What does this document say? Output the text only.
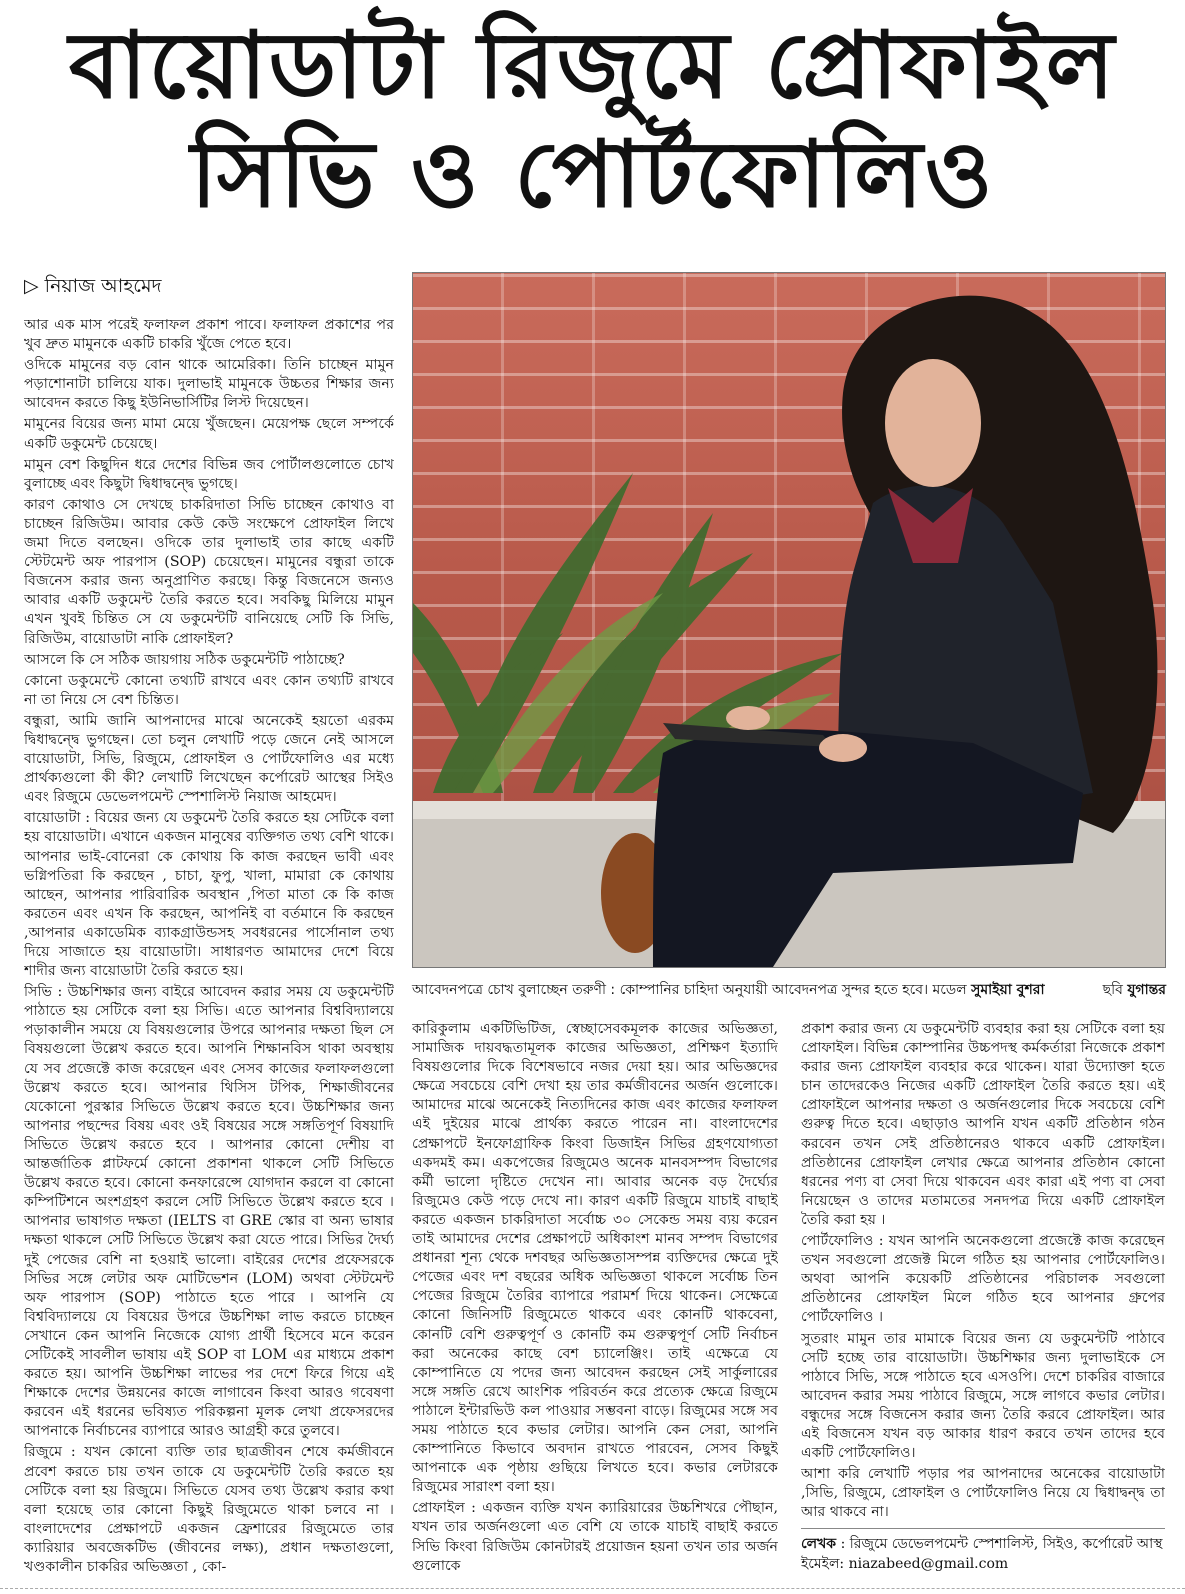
বায়োডাটা রিজুমে প্রোফাইল
সিভি ও পোর্টফোলিও
▷ নিয়াজ আহমেদ

আর এক মাস পরেই ফলাফল প্রকাশ পাবে। ফলাফল প্রকাশের পর খুব দ্রুত মামুনকে একটি চাকরি খুঁজে পেতে হবে।

ওদিকে মামুনের বড় বোন থাকে আমেরিকা। তিনি চাচ্ছেন মামুন পড়াশোনাটা চালিয়ে যাক। দুলাভাই মামুনকে উচ্চতর শিক্ষার জন্য আবেদন করতে কিছু ইউনিভার্সিটির লিস্ট দিয়েছেন।

মামুনের বিয়ের জন্য মামা মেয়ে খুঁজছেন। মেয়েপক্ষ ছেলে সম্পর্কে একটি ডকুমেন্ট চেয়েছে।

মামুন বেশ কিছুদিন ধরে দেশের বিভিন্ন জব পোর্টালগুলোতে চোখ বুলাচ্ছে এবং কিছুটা দ্বিধাদ্বন্দ্বে ভুগছে।

কারণ কোথাও সে দেখছে চাকরিদাতা সিভি চাচ্ছেন কোথাও বা চাচ্ছেন রিজিউম। আবার কেউ কেউ সংক্ষেপে প্রোফাইল লিখে জমা দিতে বলছেন। ওদিকে তার দুলাভাই তার কাছে একটি স্টেটমেন্ট অফ পারপাস (SOP) চেয়েছেন। মামুনের বন্ধুরা তাকে বিজনেস করার জন্য অনুপ্রাণিত করছে। কিন্তু বিজনেসে জন্যও আবার একটি ডকুমেন্ট তৈরি করতে হবে। সবকিছু মিলিয়ে মামুন এখন খুবই চিন্তিত সে যে ডকুমেন্টটি বানিয়েছে সেটি কি সিভি, রিজিউম, বায়োডাটা নাকি প্রোফাইল?

আসলে কি সে সঠিক জায়গায় সঠিক ডকুমেন্টটি পাঠাচ্ছে?

কোনো ডকুমেন্টে কোনো তথ্যটি রাখবে এবং কোন তথ্যটি রাখবে না তা নিয়ে সে বেশ চিন্তিত।

বন্ধুরা, আমি জানি আপনাদের মাঝে অনেকেই হয়তো এরকম দ্বিধাদ্বন্দ্বে ভুগছেন। তো চলুন লেখাটি পড়ে জেনে নেই আসলে বায়োডাটা, সিভি, রিজুমে, প্রোফাইল ও পোর্টফোলিও এর মধ্যে প্রার্থক্যগুলো কী কী? লেখাটি লিখেছেন কর্পোরেট আস্থের সিইও এবং রিজুমে ডেভেলপমেন্ট স্পেশালিস্ট নিয়াজ আহমেদ।

বায়োডাটা : বিয়ের জন্য যে ডকুমেন্ট তৈরি করতে হয় সেটিকে বলা হয় বায়োডাটা। এখানে একজন মানুষের ব্যক্তিগত তথ্য বেশি থাকে। আপনার ভাই-বোনেরা কে কোথায় কি কাজ করছেন ভাবী এবং ভগ্নিপতিরা কি করছেন , চাচা, ফুপু, খালা, মামারা কে কোথায় আছেন, আপনার পারিবারিক অবস্থান ,পিতা মাতা কে কি কাজ করতেন এবং এখন কি করছেন, আপনিই বা বর্তমানে কি করছেন ,আপনার একাডেমিক ব্যাকগ্রাউন্ডসহ সবধরনের পার্সোনাল তথ্য দিয়ে সাজাতে হয় বায়োডাটা। সাধারণত আমাদের দেশে বিয়ে শাদীর জন্য বায়োডাটা তৈরি করতে হয়।

সিভি : উচ্চশিক্ষার জন্য বাইরে আবেদন করার সময় যে ডকুমেন্টটি পাঠাতে হয় সেটিকে বলা হয় সিভি। এতে আপনার বিশ্ববিদ্যালয়ে পড়াকালীন সময়ে যে বিষয়গুলোর উপরে আপনার দক্ষতা ছিল সে বিষয়গুলো উল্লেখ করতে হবে। আপনি শিক্ষানবিস থাকা অবস্থায় যে সব প্রজেক্টে কাজ করেছেন এবং সেসব কাজের ফলাফলগুলো উল্লেখ করতে হবে। আপনার থিসিস টপিক, শিক্ষাজীবনের যেকোনো পুরস্কার সিভিতে উল্লেখ করতে হবে। উচ্চশিক্ষার জন্য আপনার পছন্দের বিষয় এবং ওই বিষয়ের সঙ্গে সঙ্গতিপূর্ণ বিষয়াদি সিভিতে উল্লেখ করতে হবে । আপনার কোনো দেশীয় বা আন্তর্জাতিক প্লাটফর্মে কোনো প্রকাশনা থাকলে সেটি সিভিতে উল্লেখ করতে হবে। কোনো কনফারেন্সে যোগদান করলে বা কোনো কম্পিটিশনে অংশগ্রহণ করলে সেটি সিভিতে উল্লেখ করতে হবে । আপনার ভাষাগত দক্ষতা (IELTS বা GRE স্কোর বা অন্য ভাষার দক্ষতা থাকলে সেটি সিভিতে উল্লেখ করা যেতে পারে। সিভির দৈর্ঘ্য দুই পেজের বেশি না হওয়াই ভালো। বাইরের দেশের প্রফেসরকে সিভির সঙ্গে লেটার অফ মোটিভেশন (LOM) অথবা স্টেটমেন্ট অফ পারপাস (SOP) পাঠাতে হতে পারে । আপনি যে বিশ্ববিদ্যালয়ে যে বিষয়ের উপরে উচ্চশিক্ষা লাভ করতে চাচ্ছেন সেখানে কেন আপনি নিজেকে যোগ্য প্রার্থী হিসেবে মনে করেন সেটিকেই সাবলীল ভাষায় এই SOP বা LOM এর মাধ্যমে প্রকাশ করতে হয়। আপনি উচ্চশিক্ষা লাভের পর দেশে ফিরে গিয়ে এই শিক্ষাকে দেশের উন্নয়নের কাজে লাগাবেন কিংবা আরও গবেষণা করবেন এই ধরনের ভবিষ্যত পরিকল্পনা মূলক লেখা প্রফেসরদের আপনাকে নির্বাচনের ব্যাপারে আরও আগ্রহী করে তুলবে।

রিজুমে : যখন কোনো ব্যক্তি তার ছাত্রজীবন শেষে কর্মজীবনে প্রবেশ করতে চায় তখন তাকে যে ডকুমেন্টটি তৈরি করতে হয় সেটিকে বলা হয় রিজুমে। সিভিতে যেসব তথ্য উল্লেখ করার কথা বলা হয়েছে তার কোনো কিছুই রিজুমেতে থাকা চলবে না । বাংলাদেশের প্রেক্ষাপটে একজন ফ্রেশারের রিজুমেতে তার ক্যারিয়ার অবজেকটিভ (জীবনের লক্ষ্য), প্রধান দক্ষতাগুলো, খণ্ডকালীন চাকরির অভিজ্ঞতা , কো-

আবেদনপত্রে চোখ বুলাচ্ছেন তরুণী : কোম্পানির চাহিদা অনুযায়ী আবেদনপত্র সুন্দর হতে হবে। মডেল সুমাইয়া বুশরা	ছবি যুগান্তর

কারিকুলাম একটিভিটিজ, স্বেচ্ছাসেবকমূলক কাজের অভিজ্ঞতা, সামাজিক দায়বদ্ধতামূলক কাজের অভিজ্ঞতা, প্রশিক্ষণ ইত্যাদি বিষয়গুলোর দিকে বিশেষভাবে নজর দেয়া হয়। আর অভিজ্ঞদের ক্ষেত্রে সবচেয়ে বেশি দেখা হয় তার কর্মজীবনের অর্জন গুলোকে। আমাদের মাঝে অনেকেই নিত্যদিনের কাজ এবং কাজের ফলাফল এই দুইয়ের মাঝে প্রার্থক্য করতে পারেন না। বাংলাদেশের প্রেক্ষাপটে ইনফোগ্রাফিক কিংবা ডিজাইন সিভির গ্রহণযোগ্যতা একদমই কম। একপেজের রিজুমেও অনেক মানবসম্পদ বিভাগের কর্মী ভালো দৃষ্টিতে দেখেন না। আবার অনেক বড় দৈর্ঘ্যের রিজুমেও কেউ পড়ে দেখে না। কারণ একটি রিজুমে যাচাই বাছাই করতে একজন চাকরিদাতা সর্বোচ্চ ৩০ সেকেন্ড সময় ব্যয় করেন তাই আমাদের দেশের প্রেক্ষাপটে অধিকাংশ মানব সম্পদ বিভাগের প্রধানরা শূন্য থেকে দশবছর অভিজ্ঞতাসম্পন্ন ব্যক্তিদের ক্ষেত্রে দুই পেজের এবং দশ বছরের অধিক অভিজ্ঞতা থাকলে সর্বোচ্চ তিন পেজের রিজুমে তৈরির ব্যাপারে পরামর্শ দিয়ে থাকেন। সেক্ষেত্রে কোনো জিনিসটি রিজুমেতে থাকবে এবং কোনটি থাকবেনা, কোনটি বেশি গুরুত্বপূর্ণ ও কোনটি কম গুরুত্বপূর্ণ সেটি নির্বাচন করা অনেকের কাছে বেশ চ্যালেঞ্জিং। তাই এক্ষেত্রে যে কোম্পানিতে যে পদের জন্য আবেদন করছেন সেই সার্কুলারের সঙ্গে সঙ্গতি রেখে আংশিক পরিবর্তন করে প্রত্যেক ক্ষেত্রে রিজুমে পাঠালে ইন্টারভিউ কল পাওয়ার সম্ভবনা বাড়ে। রিজুমের সঙ্গে সব সময় পাঠাতে হবে কভার লেটার। আপনি কেন সেরা, আপনি কোম্পানিতে কিভাবে অবদান রাখতে পারবেন, সেসব কিছুই আপনাকে এক পৃষ্ঠায় গুছিয়ে লিখতে হবে। কভার লেটারকে রিজুমের সারাংশ বলা হয়।

প্রোফাইল : একজন ব্যক্তি যখন ক্যারিয়ারের উচ্চশিখরে পৌছান, যখন তার অর্জনগুলো এত বেশি যে তাকে যাচাই বাছাই করতে সিভি কিংবা রিজিউম কোনটারই প্রয়োজন হয়না তখন তার অর্জন গুলোকে

প্রকাশ করার জন্য যে ডকুমেন্টটি ব্যবহার করা হয় সেটিকে বলা হয় প্রোফাইল। বিভিন্ন কোম্পানির উচ্চপদস্থ কর্মকর্তারা নিজেকে প্রকাশ করার জন্য প্রোফাইল ব্যবহার করে থাকেন। যারা উদ্যোক্তা হতে চান তাদেরকেও নিজের একটি প্রোফাইল তৈরি করতে হয়। এই প্রোফাইলে আপনার দক্ষতা ও অর্জনগুলোর দিকে সবচেয়ে বেশি গুরুত্ব দিতে হবে। এছাড়াও আপনি যখন একটি প্রতিষ্ঠান গঠন করবেন তখন সেই প্রতিষ্ঠানেরও থাকবে একটি প্রোফাইল। প্রতিষ্ঠানের প্রোফাইল লেখার ক্ষেত্রে আপনার প্রতিষ্ঠান কোনো ধরনের পণ্য বা সেবা দিয়ে থাকবেন এবং কারা এই পণ্য বা সেবা নিয়েছেন ও তাদের মতামতের সনদপত্র দিয়ে একটি প্রোফাইল তৈরি করা হয় ।

পোর্টফোলিও : যখন আপনি অনেকগুলো প্রজেক্টে কাজ করেছেন তখন সবগুলো প্রজেক্ট মিলে গঠিত হয় আপনার পোর্টফোলিও। অথবা আপনি কয়েকটি প্রতিষ্ঠানের পরিচালক সবগুলো প্রতিষ্ঠানের প্রোফাইল মিলে গঠিত হবে আপনার গ্রুপের পোর্টফোলিও ।

সুতরাং মামুন তার মামাকে বিয়ের জন্য যে ডকুমেন্টটি পাঠাবে সেটি হচ্ছে তার বায়োডাটা। উচ্চশিক্ষার জন্য দুলাভাইকে সে পাঠাবে সিভি, সঙ্গে পাঠাতে হবে এসওপি। দেশে চাকরির বাজারে আবেদন করার সময় পাঠাবে রিজুমে, সঙ্গে লাগবে কভার লেটার। বন্ধুদের সঙ্গে বিজনেস করার জন্য তৈরি করবে প্রোফাইল। আর এই বিজনেস যখন বড় আকার ধারণ করবে তখন তাদের হবে একটি পোর্টফোলিও।

আশা করি লেখাটি পড়ার পর আপনাদের অনেকের বায়োডাটা ,সিভি, রিজুমে, প্রোফাইল ও পোর্টফোলিও নিয়ে যে দ্বিধাদ্বন্দ্ব তা আর থাকবে না।

লেখক : রিজুমে ডেভেলপমেন্ট স্পেশালিস্ট, সিইও, কর্পোরেট আস্থ
ইমেইল: niazabeed@gmail.com
